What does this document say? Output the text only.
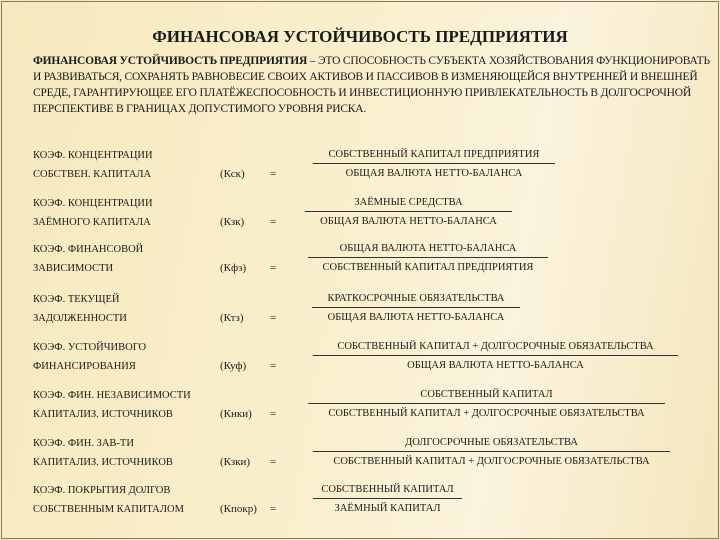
ФИНАНСОВАЯ УСТОЙЧИВОСТЬ ПРЕДПРИЯТИЯ
ФИНАНСОВАЯ УСТОЙЧИВОСТЬ ПРЕДПРИЯТИЯ – ЭТО СПОСОБНОСТЬ СУБЪЕКТА ХОЗЯЙСТВОВАНИЯ ФУНКЦИОНИРОВАТЬ И РАЗВИВАТЬСЯ, СОХРАНЯТЬ РАВНОВЕСИЕ СВОИХ АКТИВОВ И ПАССИВОВ В ИЗМЕНЯЮЩЕЙСЯ ВНУТРЕННЕЙ И ВНЕШНЕЙ СРЕДЕ, ГАРАНТИРУЮЩЕЕ ЕГО ПЛАТЁЖЕСПОСОБНОСТЬ И ИНВЕСТИЦИОННУЮ ПРИВЛЕКАТЕЛЬНОСТЬ В ДОЛГОСРОЧНОЙ ПЕРСПЕКТИВЕ В ГРАНИЦАХ ДОПУСТИМОГО УРОВНЯ РИСКА.
КОЭФ. КОНЦЕНТРАЦИИ
СОБСТВЕН. КАПИТАЛА	(Кск) =
СОБСТВЕННЫЙ КАПИТАЛ ПРЕДПРИЯТИЯ
ОБЩАЯ ВАЛЮТА НЕТТО-БАЛАНСА
КОЭФ. КОНЦЕНТРАЦИИ
ЗАЁМНОГО КАПИТАЛА	(Кзк) =
ЗАЁМНЫЕ СРЕДСТВА
ОБЩАЯ ВАЛЮТА НЕТТО-БАЛАНСА
КОЭФ. ФИНАНСОВОЙ
ЗАВИСИМОСТИ	(Кфз) =
ОБЩАЯ ВАЛЮТА НЕТТО-БАЛАНСА
СОБСТВЕННЫЙ КАПИТАЛ ПРЕДПРИЯТИЯ
КОЭФ. ТЕКУЩЕЙ
ЗАДОЛЖЕННОСТИ	(Ктз) =
КРАТКОСРОЧНЫЕ ОБЯЗАТЕЛЬСТВА
ОБЩАЯ ВАЛЮТА НЕТТО-БАЛАНСА
КОЭФ. УСТОЙЧИВОГО
ФИНАНСИРОВАНИЯ	(Куф) =
СОБСТВЕННЫЙ КАПИТАЛ + ДОЛГОСРОЧНЫЕ ОБЯЗАТЕЛЬСТВА
ОБЩАЯ ВАЛЮТА НЕТТО-БАЛАНСА
КОЭФ. ФИН. НЕЗАВИСИМОСТИ
КАПИТАЛИЗ. ИСТОЧНИКОВ	(Кнки) =
СОБСТВЕННЫЙ КАПИТАЛ
СОБСТВЕННЫЙ КАПИТАЛ + ДОЛГОСРОЧНЫЕ ОБЯЗАТЕЛЬСТВА
КОЭФ. ФИН. ЗАВ-ТИ
КАПИТАЛИЗ. ИСТОЧНИКОВ	(Кзки) =
ДОЛГОСРОЧНЫЕ ОБЯЗАТЕЛЬСТВА
СОБСТВЕННЫЙ КАПИТАЛ + ДОЛГОСРОЧНЫЕ ОБЯЗАТЕЛЬСТВА
КОЭФ. ПОКРЫТИЯ ДОЛГОВ
СОБСТВЕННЫМ КАПИТАЛОМ	(Кпокр) =
СОБСТВЕННЫЙ КАПИТАЛ
ЗАЁМНЫЙ КАПИТАЛ
